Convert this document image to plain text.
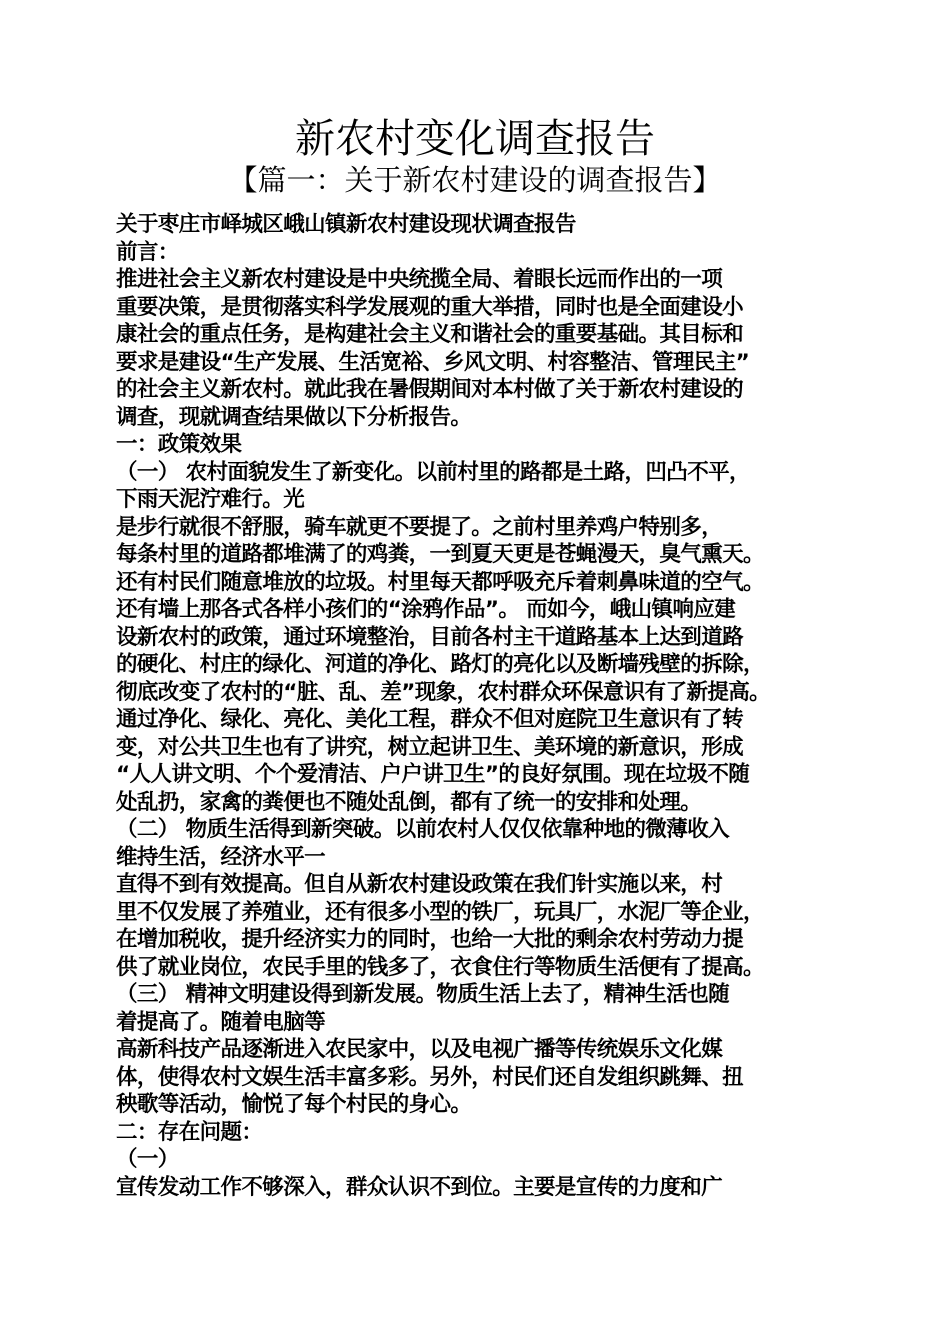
新农村变化调查报告
【篇一：关于新农村建设的调查报告】
关于枣庄市峄城区峨山镇新农村建设现状调查报告
前言：
推进社会主义新农村建设是中央统揽全局、着眼长远而作出的一项
重要决策，是贯彻落实科学发展观的重大举措，同时也是全面建设小
康社会的重点任务，是构建社会主义和谐社会的重要基础。其目标和
要求是建设“生产发展、生活宽裕、乡风文明、村容整洁、管理民主”
的社会主义新农村。就此我在暑假期间对本村做了关于新农村建设的
调查，现就调查结果做以下分析报告。
一：政策效果
（一） 农村面貌发生了新变化。以前村里的路都是土路，凹凸不平，
下雨天泥泞难行。光
是步行就很不舒服，骑车就更不要提了。之前村里养鸡户特别多，
每条村里的道路都堆满了的鸡粪，一到夏天更是苍蝇漫天，臭气熏天。
还有村民们随意堆放的垃圾。村里每天都呼吸充斥着刺鼻味道的空气。
还有墙上那各式各样小孩们的“涂鸦作品”。 而如今，峨山镇响应建
设新农村的政策，通过环境整治，目前各村主干道路基本上达到道路
的硬化、村庄的绿化、河道的净化、路灯的亮化以及断墙残壁的拆除，
彻底改变了农村的“脏、乱、差”现象，农村群众环保意识有了新提高。
通过净化、绿化、亮化、美化工程，群众不但对庭院卫生意识有了转
变，对公共卫生也有了讲究，树立起讲卫生、美环境的新意识，形成
“人人讲文明、个个爱清洁、户户讲卫生”的良好氛围。现在垃圾不随
处乱扔，家禽的粪便也不随处乱倒，都有了统一的安排和处理。
（二） 物质生活得到新突破。以前农村人仅仅依靠种地的微薄收入
维持生活，经济水平一
直得不到有效提高。但自从新农村建设政策在我们针实施以来，村
里不仅发展了养殖业，还有很多小型的铁厂，玩具厂，水泥厂等企业，
在增加税收，提升经济实力的同时，也给一大批的剩余农村劳动力提
供了就业岗位，农民手里的钱多了，衣食住行等物质生活便有了提高。
（三） 精神文明建设得到新发展。物质生活上去了，精神生活也随
着提高了。随着电脑等
高新科技产品逐渐进入农民家中，以及电视广播等传统娱乐文化媒
体，使得农村文娱生活丰富多彩。另外，村民们还自发组织跳舞、扭
秧歌等活动，愉悦了每个村民的身心。
二：存在问题：
（一）
宣传发动工作不够深入，群众认识不到位。主要是宣传的力度和广
